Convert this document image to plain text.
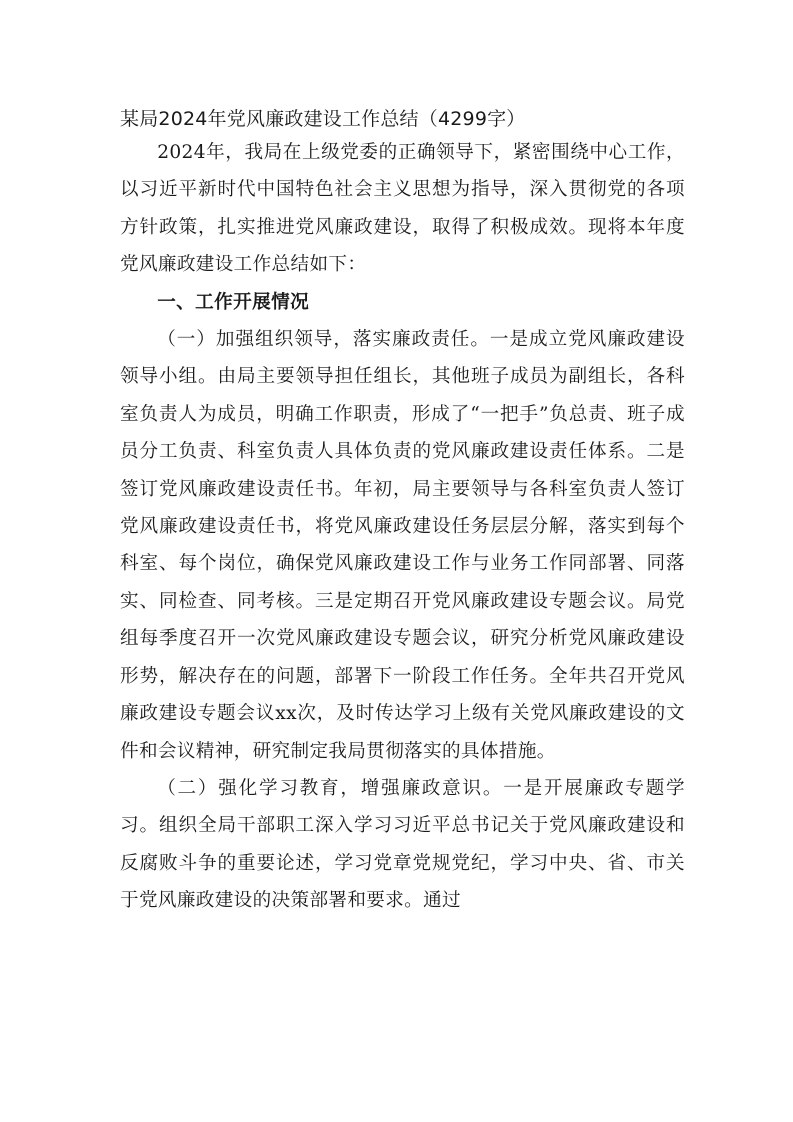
某局2024年党风廉政建设工作总结（4299字）

2024年，我局在上级党委的正确领导下，紧密围绕中心工作，以习近平新时代中国特色社会主义思想为指导，深入贯彻党的各项方针政策，扎实推进党风廉政建设，取得了积极成效。现将本年度党风廉政建设工作总结如下：

一、工作开展情况

（一）加强组织领导，落实廉政责任。一是成立党风廉政建设领导小组。由局主要领导担任组长，其他班子成员为副组长，各科室负责人为成员，明确工作职责，形成了“一把手”负总责、班子成员分工负责、科室负责人具体负责的党风廉政建设责任体系。二是签订党风廉政建设责任书。年初，局主要领导与各科室负责人签订党风廉政建设责任书，将党风廉政建设任务层层分解，落实到每个科室、每个岗位，确保党风廉政建设工作与业务工作同部署、同落实、同检查、同考核。三是定期召开党风廉政建设专题会议。局党组每季度召开一次党风廉政建设专题会议，研究分析党风廉政建设形势，解决存在的问题，部署下一阶段工作任务。全年共召开党风廉政建设专题会议xx次，及时传达学习上级有关党风廉政建设的文件和会议精神，研究制定我局贯彻落实的具体措施。

（二）强化学习教育，增强廉政意识。一是开展廉政专题学习。组织全局干部职工深入学习习近平总书记关于党风廉政建设和反腐败斗争的重要论述，学习党章党规党纪，学习中央、省、市关于党风廉政建设的决策部署和要求。通过
